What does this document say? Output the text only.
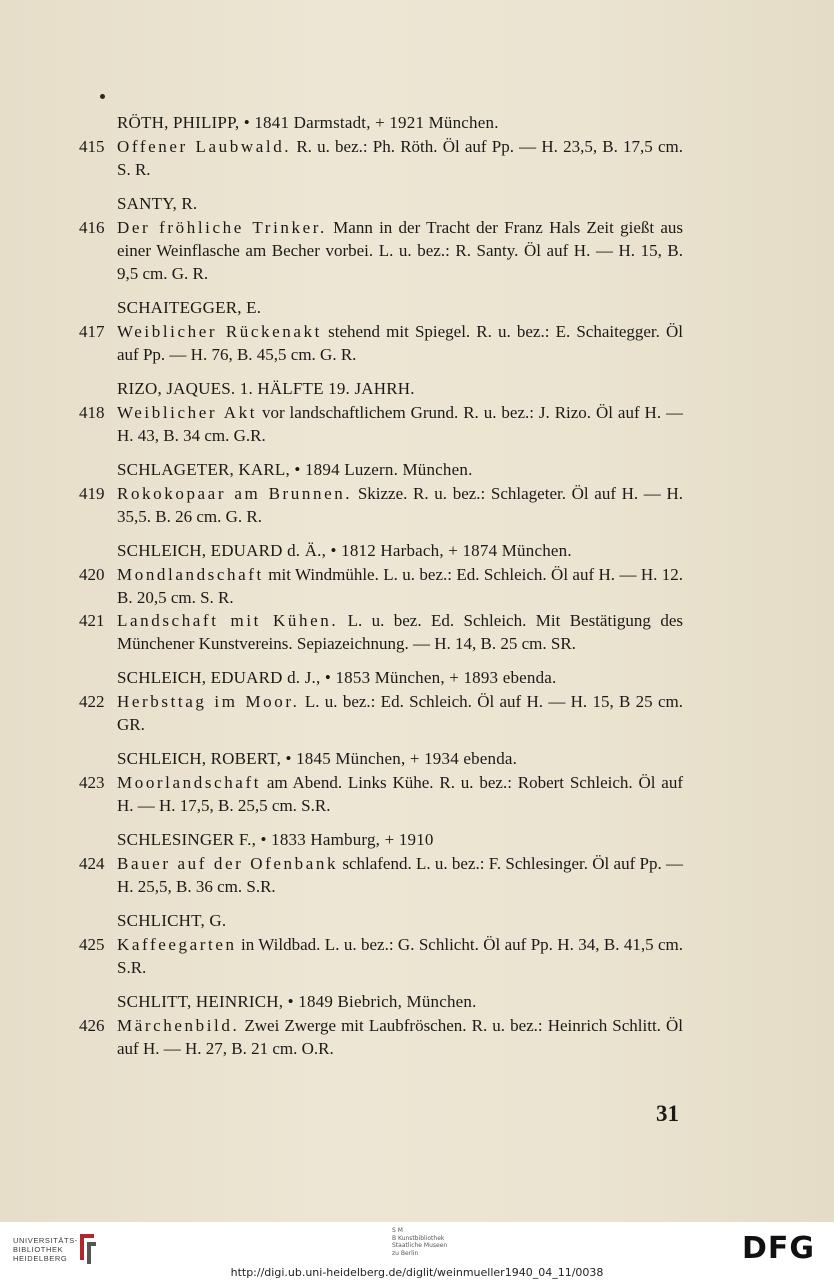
RÖTH, PHILIPP, • 1841 Darmstadt, + 1921 München.
415 Offener Laubwald. R. u. bez.: Ph. Röth. Öl auf Pp. — H. 23,5, B. 17,5 cm. S. R.
SANTY, R.
416 Der fröhliche Trinker. Mann in der Tracht der Franz Hals Zeit gießt aus einer Weinflasche am Becher vorbei. L. u. bez.: R. Santy. Öl auf H. — H. 15, B. 9,5 cm. G. R.
SCHAITEGGER, E.
417 Weiblicher Rückenakt stehend mit Spiegel. R. u. bez.: E. Schaitegger. Öl auf Pp. — H. 76, B. 45,5 cm. G. R.
RIZO, JAQUES. 1. HÄLFTE 19. JAHRH.
418 Weiblicher Akt vor landschaftlichem Grund. R. u. bez.: J. Rizo. Öl auf H. — H. 43, B. 34 cm. G.R.
SCHLAGETER, KARL, • 1894 Luzern. München.
419 Rokokopaar am Brunnen. Skizze. R. u. bez.: Schlageter. Öl auf H. — H. 35,5. B. 26 cm. G. R.
SCHLEICH, EDUARD d. Ä., • 1812 Harbach, + 1874 München.
420 Mondlandschaft mit Windmühle. L. u. bez.: Ed. Schleich. Öl auf H. — H. 12. B. 20,5 cm. S. R.
421 Landschaft mit Kühen. L. u. bez. Ed. Schleich. Mit Bestätigung des Münchener Kunstvereins. Sepiazeichnung. — H. 14, B. 25 cm. SR.
SCHLEICH, EDUARD d. J., • 1853 München, + 1893 ebenda.
422 Herbsttag im Moor. L. u. bez.: Ed. Schleich. Öl auf H. — H. 15, B 25 cm. GR.
SCHLEICH, ROBERT, • 1845 München, + 1934 ebenda.
423 Moorlandschaft am Abend. Links Kühe. R. u. bez.: Robert Schleich. Öl auf H. — H. 17,5, B. 25,5 cm. S.R.
SCHLESINGER F., • 1833 Hamburg, + 1910
424 Bauer auf der Ofenbank schlafend. L. u. bez.: F. Schlesinger. Öl auf Pp. — H. 25,5, B. 36 cm. S.R.
SCHLICHT, G.
425 Kaffeegarten in Wildbad. L. u. bez.: G. Schlicht. Öl auf Pp. H. 34, B. 41,5 cm. S.R.
SCHLITT, HEINRICH, • 1849 Biebrich, München.
426 Märchenbild. Zwei Zwerge mit Laubfröschen. R. u. bez.: Heinrich Schlitt. Öl auf H. — H. 27, B. 21 cm. O.R.
31
UNIVERSITÄTS-
BIBLIOTHEK
HEIDELBERG
S M
B Kunstbibliothek
Staatliche Museen
zu Berlin	DFG
http://digi.ub.uni-heidelberg.de/diglit/weinmueller1940_04_11/0038
